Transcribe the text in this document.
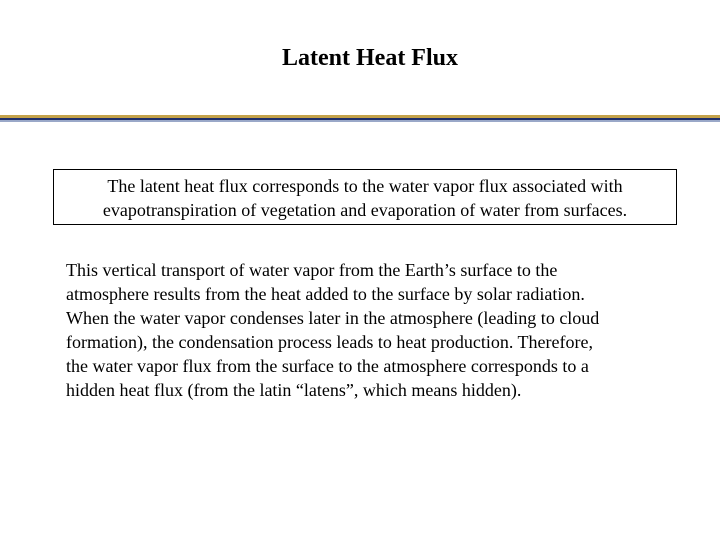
Latent Heat Flux
The latent heat flux corresponds to the water vapor flux associated with
evapotranspiration of vegetation and evaporation of water from surfaces.
This vertical transport of water vapor from the Earth’s surface to the
atmosphere results from the heat added to the surface by solar radiation.
When the water vapor condenses later in the atmosphere (leading to cloud
formation), the condensation process leads to heat production. Therefore,
the water vapor flux from the surface to the atmosphere corresponds to a
hidden heat flux (from the latin “latens”, which means hidden).
